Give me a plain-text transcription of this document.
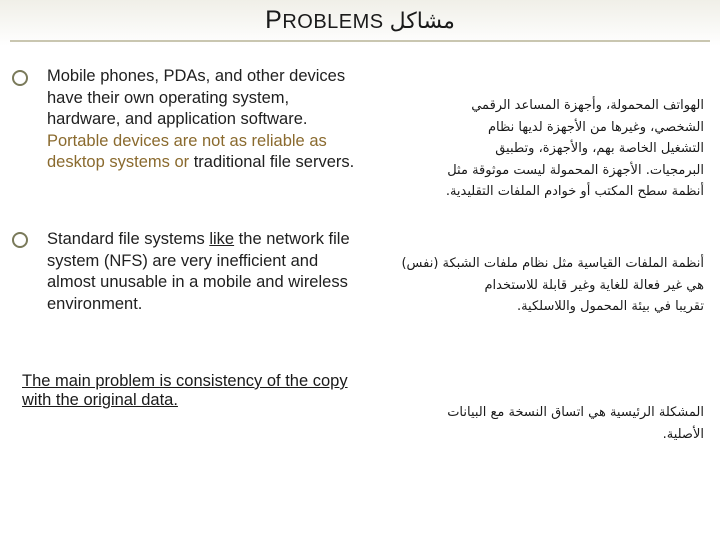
PROBLEMS مشاكل
Mobile phones, PDAs, and other devices have their own operating system, hardware, and application software. Portable devices are not as reliable as desktop systems or traditional file servers.
Standard file systems like the network file system (NFS) are very inefficient and almost unusable in a mobile and wireless environment.
The main problem is consistency of the copy with the original data.
الهواتف المحمولة، وأجهزة المساعد الرقمي
الشخصي، وغيرها من الأجهزة لديها نظام
التشغيل الخاصة بهم، والأجهزة، وتطبيق
البرمجيات. الأجهزة المحمولة ليست موثوقة مثل
أنظمة سطح المكتب أو خوادم الملفات التقليدية.
أنظمة الملفات القياسية مثل نظام ملفات الشبكة (نفس)
هي غير فعالة للغاية وغير قابلة للاستخدام
تقريبا في بيئة المحمول واللاسلكية.
المشكلة الرئيسية هي اتساق النسخة مع البيانات
الأصلية.
